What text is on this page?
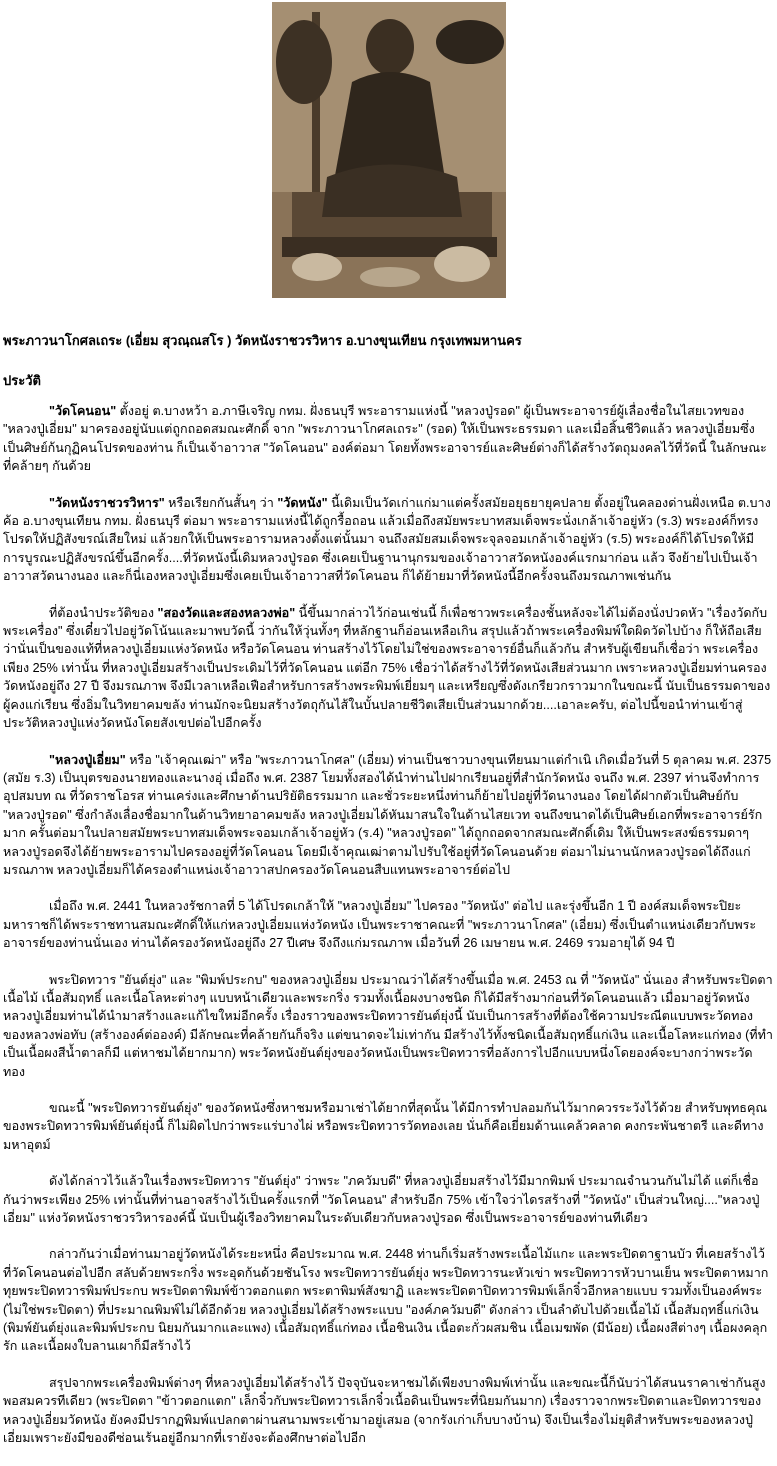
พระภาวนาโกศลเถระ (เอี่ยม สุวณฺณสโร ) วัดหนังราชวรวิหาร อ.บางขุนเทียน กรุงเทพมหานคร
ประวัติ

"วัดโคนอน" ตั้งอยู่ ต.บางหว้า อ.ภาษีเจริญ กทม. ฝั่งธนบุรี พระอารามแห่งนี้ "หลวงปู่รอด" ผู้เป็นพระอาจารย์ผู้เลื่องชื่อในไสยเวทของ "หลวงปู่เอี่ยม" มาครองอยู่นับแต่ถูกถอดสมณะศักดิ์ จาก "พระภาวนาโกศลเถระ" (รอด) ให้เป็นพระธรรมดา และเมื่อสิ้นชีวิตแล้ว หลวงปู่เอี่ยมซึ่งเป็นศิษย์ก้นกุฏิคนโปรดของท่าน ก็เป็นเจ้าอาวาส "วัดโคนอน" องค์ต่อมา โดยทั้งพระอาจารย์และศิษย์ต่างก็ได้สร้างวัตถุมงคลไว้ที่วัดนี้ ในลักษณะที่คล้ายๆ กันด้วย

"วัดหนังราชวรวิหาร" หรือเรียกกันสั้นๆ ว่า "วัดหนัง" นี้เดิมเป็นวัดเก่าแก่มาแต่ครั้งสมัยอยุธยายุคปลาย ตั้งอยู่ในคลองด่านฝั่งเหนือ ต.บางค้อ อ.บางขุนเทียน กทม. ฝั่งธนบุรี ต่อมา พระอารามแห่งนี้ได้ถูกรื้อถอน แล้วเมื่อถึงสมัยพระบาทสมเด็จพระนั่งเกล้าเจ้าอยู่หัว (ร.3) พระองค์ก็ทรงโปรดให้ปฏิสังขรณ์เสียใหม่ แล้วยกให้เป็นพระอารามหลวงตั้งแต่นั้นมา จนถึงสมัยสมเด็จพระจุลจอมเกล้าเจ้าอยู่หัว (ร.5) พระองค์ก็ได้โปรดให้มีการบูรณะปฏิสังขรณ์ขึ้นอีกครั้ง....ที่วัดหนังนี้เดิมหลวงปู่รอด ซึ่งเคยเป็นฐานานุกรมของเจ้าอาวาสวัดหนังองค์แรกมาก่อน แล้ว จึงย้ายไปเป็นเจ้าอาวาสวัดนางนอง และก็นี่เองหลวงปู่เอี่ยมซึ่งเคยเป็นเจ้าอาวาสที่วัดโคนอน ก็ได้ย้ายมาที่วัดหนังนี้อีกครั้งจนถึงมรณภาพเช่นกัน

ที่ต้องนำประวัติของ "สองวัดและสองหลวงพ่อ" นี้ขึ้นมากล่าวไว้ก่อนเช่นนี้ ก็เพื่อชาวพระเครื่องชั้นหลังจะได้ไม่ต้องนั่งปวดหัว "เรื่องวัดกับพระเครื่อง" ซึ่งเดี๋ยวไปอยู่วัดโน้นและมาพบวัดนี้ ว่ากันให้วุ่นทั้งๆ ที่หลักฐานก็อ่อนเหลือเกิน สรุปแล้วถ้าพระเครื่องพิมพ์ใดผิดวัดไปบ้าง ก็ให้ถือเสียว่านั่นเป็นของแท้ที่หลวงปู่เอี่ยมแห่งวัดหนัง หรือวัดโคนอน ท่านสร้างไว้โดยไม่ใช่ของพระอาจารย์อื่นก็แล้วกัน สำหรับผู้เขียนก็เชื่อว่า พระเครื่องเพียง 25% เท่านั้น ที่หลวงปู่เอี่ยมสร้างเป็นประเดิมไว้ที่วัดโคนอน แต่อีก 75% เชื่อว่าได้สร้างไว้ที่วัดหนังเสียส่วนมาก เพราะหลวงปู่เอี่ยมท่านครองวัดหนังอยู่ถึง 27 ปี จึงมรณภาพ จึงมีเวลาเหลือเฟือสำหรับการสร้างพระพิมพ์เยี่ยมๆ และเหรียญซึ่งดังเกรียวกราวมากในขณะนี้ นับเป็นธรรมดาของผู้คงแก่เรียน ซึ่งอิ่มในวิทยาคมขลัง ท่านมักจะนิยมสร้างวัตถุกันไส้ในบั้นปลายชีวิตเสียเป็นส่วนมากด้วย....เอาละครับ, ต่อไปนี้ขอนำท่านเข้าสู่ประวัติหลวงปู่แห่งวัดหนังโดยสังเขปต่อไปอีกครั้ง

"หลวงปู่เอี่ยม" หรือ "เจ้าคุณเฒ่า" หรือ "พระภาวนาโกศล" (เอี่ยม) ท่านเป็นชาวบางขุนเทียนมาแต่กำเนิ เกิดเมื่อวันที่ 5 ตุลาคม พ.ศ. 2375 (สมัย ร.3) เป็นบุตรของนายทองและนางอุ่ เมื่อถึง พ.ศ. 2387 โยมทั้งสองได้นำท่านไปฝากเรียนอยู่ที่สำนักวัดหนัง จนถึง พ.ศ. 2397 ท่านจึงทำการอุปสมบท ณ ที่วัดราชโอรส ท่านเคร่งและศึกษาด้านปริยัติธรรมมาก และชั่วระยะหนึ่งท่านก็ย้ายไปอยู่ที่วัดนางนอง โดยได้ฝากตัวเป็นศิษย์กับ "หลวงปู่รอด" ซึ่งกำลังเลื่องชื่อมากในด้านวิทยาอาคมขลัง หลวงปู่เอี่ยมได้หันมาสนใจในด้านไสยเวท จนถึงขนาดได้เป็นศิษย์เอกที่พระอาจารย์รักมาก ครั้นต่อมาในปลายสมัยพระบาทสมเด็จพระจอมเกล้าเจ้าอยู่หัว (ร.4) "หลวงปู่รอด" ได้ถูกถอดจากสมณะศักดิ์เดิม ให้เป็นพระสงฆ์ธรรมดาๆ หลวงปู่รอดจึงได้ย้ายพระอารามไปครองอยู่ที่วัดโคนอน โดยมีเจ้าคุณเฒ่าตามไปรับใช้อยู่ที่วัดโคนอนด้วย ต่อมาไม่นานนักหลวงปู่รอดได้ถึงแก่มรณภาพ หลวงปู่เอี่ยมก็ได้ครองตำแหน่งเจ้าอาวาสปกครองวัดโคนอนสืบแทนพระอาจารย์ต่อไป

เมื่อถึง พ.ศ. 2441 ในหลวงรัชกาลที่ 5 ได้โปรดเกล้าให้ "หลวงปู่เอี่ยม" ไปครอง "วัดหนัง" ต่อไป และรุ่งขึ้นอีก 1 ปี องค์สมเด็จพระปิยะมหาราชก็ได้พระราชทานสมณะศักดิ์ให้แก่หลวงปู่เอี่ยมแห่งวัดหนัง เป็นพระราชาคณะที่ "พระภาวนาโกศล" (เอี่ยม) ซึ่งเป็นตำแหน่งเดียวกับพระอาจารย์ของท่านนั่นเอง ท่านได้ครองวัดหนังอยู่ถึง 27 ปีเศษ จึงถึงแก่มรณภาพ เมื่อวันที่ 26 เมษายน พ.ศ. 2469 รวมอายุได้ 94 ปี

พระปิดทวาร "ยันต์ยุ่ง" และ "พิมพ์ประกบ" ของหลวงปู่เอี่ยม ประมาณว่าได้สร้างขึ้นเมื่อ พ.ศ. 2453 ณ ที่ "วัดหนัง" นั่นเอง สำหรับพระปิดตาเนื้อไม้ เนื้อสัมฤทธิ์ และเนื้อโลหะต่างๆ แบบหน้าเดียวและพระกริ่ง รวมทั้งเนื้อผงบางชนิด ก็ได้มีสร้างมาก่อนที่วัดโคนอนแล้ว เมื่อมาอยู่วัดหนัง หลวงปู่เอี่ยมท่านได้นำมาสร้างและแก้ไขใหม่อีกครั้ง เรื่องราวของพระปิดทวารยันต์ยุ่งนี้ นับเป็นการสร้างที่ต้องใช้ความประณีตแบบพระวัดทองของหลวงพ่อทับ (สร้างองค์ต่อองค์) มีลักษณะที่คล้ายกันก็จริง แต่ขนาดจะไม่เท่ากัน มีสร้างไว้ทั้งชนิดเนื้อสัมฤทธิ์แก่เงิน และเนื้อโลหะแก่ทอง (ที่ทำเป็นเนื้อผงสีน้ำตาลก็มี แต่หาชมได้ยากมาก) พระวัดหนังยันต์ยุ่งของวัดหนังเป็นพระปิดทวารที่อลังการไปอีกแบบหนึ่งโดยองค์จะบางกว่าพระวัดทอง

ขณะนี้ "พระปิดทวารยันต์ยุ่ง" ของวัดหนังซึ่งหาชมหรือมาเช่าได้ยากที่สุดนั้น ได้มีการทำปลอมกันไว้มากควรระวังไว้ด้วย สำหรับพุทธคุณของพระปิดทวารพิมพ์ยันต์ยุ่งนี้ ก็ไม่ผิดไปกว่าพระแร่บางไผ่ หรือพระปิดทวารวัดทองเลย นั่นก็คือเยี่ยมด้านแคล้วคลาด คงกระพันชาตรี และดีทางมหาอุตม์

ดังได้กล่าวไว้แล้วในเรื่องพระปิดทวาร "ยันต์ยุ่ง" ว่าพระ "ภควัมบดี" ที่หลวงปู่เอี่ยมสร้างไว้มีมากพิมพ์ ประมาณจำนวนกันไม่ได้ แต่ก็เชื่อกันว่าพระเพียง 25% เท่านั้นที่ท่านอาจสร้างไว้เป็นครั้งแรกที่ "วัดโคนอน" สำหรับอีก 75% เข้าใจว่าไดรสร้างที่ "วัดหนัง" เป็นส่วนใหญ่...."หลวงปู่เอี่ยม" แห่งวัดหนังราชวรวิหารองค์นี้ นับเป็นผู้เรืองวิทยาคมในระดับเดียวกับหลวงปู่รอด ซึ่งเป็นพระอาจารย์ของท่านทีเดียว

กล่าวกันว่าเมื่อท่านมาอยู่วัดหนังได้ระยะหนึ่ง คือประมาณ พ.ศ. 2448 ท่านก็เริ่มสร้างพระเนื้อไม้แกะ และพระปิดตาฐานบัว ที่เคยสร้างไว้ที่วัดโคนอนต่อไปอีก สลับด้วยพระกริ่ง พระอุดก้นด้วยชันโรง พระปิดทวารยันต์ยุ่ง พระปิดทวารนะหัวเข่า พระปิดทวารหัวบานเย็น พระปิดตาหมากทุยพระปิดทวารพิมพ์ประกบ พระปิดตาพิมพ์ข้าวตอกแตก พระตาพิมพ์สังฆาฏิ และพระปิดตาปิดทวารพิมพ์เล็กจิ๋วอีกหลายแบบ รวมทั้งเป็นองค์พระ (ไม่ใช่พระปิดตา) ที่ประมาณพิมพ์ไม่ได้อีกด้วย หลวงปู่เอี่ยมได้สร้างพระแบบ "องค์ภควัมบดี" ดังกล่าว เป็นลำดับไปด้วยเนื้อไม้ เนื้อสัมฤทธิ์แก่เงิน (พิมพ์ยันต์ยุ่งและพิมพ์ประกบ นิยมกันมากและแพง) เนื้อสัมฤทธิ์แก่ทอง เนื้อชินเงิน เนื้อตะกั่วผสมชิน เนื้อเมฆพัด (มีน้อย) เนื้อผงสีต่างๆ เนื้อผงคลุกรัก และเนื้อผงใบลานเผาก็มีสร้างไว้

สรุปจากพระเครื่องพิมพ์ต่างๆ ที่หลวงปู่เอี่ยมได้สร้างไว้ ปัจจุบันจะหาชมได้เพียงบางพิมพ์เท่านั้น และขณะนี้ก็นับว่าได้สนนราคาเช่ากันสูงพอสมควรทีเดียว (พระปิดตา "ข้าวตอกแตก" เล็กจิ๋วกับพระปิดทวารเล็กจิ๋วเนื้อดินเป็นพระที่นิยมกันมาก) เรื่องราวจากพระปิดตาและปิดทวารของหลวงปู่เอี่ยมวัดหนัง ยังคงมีปรากฏพิมพ์แปลกตาผ่านสนามพระเข้ามาอยู่เสมอ (จากรังเก่าเก็บบางบ้าน) จึงเป็นเรื่องไม่ยุติสำหรับพระของหลวงปู่เอี่ยมเพราะยังมีของดีซ่อนเร้นอยู่อีกมากที่เรายังจะต้องศึกษาต่อไปอีก
